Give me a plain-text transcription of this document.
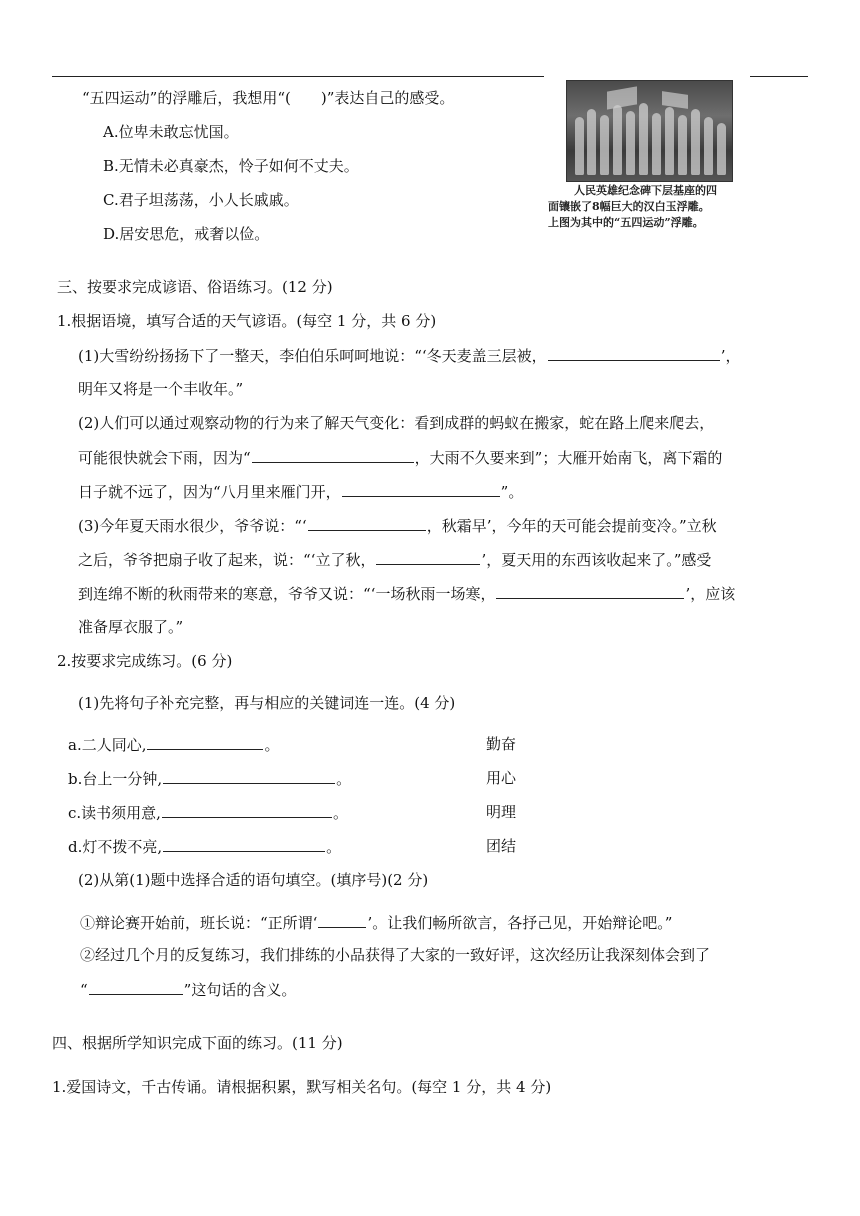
“五四运动”的浮雕后，我想用“(　　)”表达自己的感受。
A.位卑未敢忘忧国。
B.无情未必真豪杰，怜子如何不丈夫。
C.君子坦荡荡，小人长戚戚。
D.居安思危，戒奢以俭。
人民英雄纪念碑下层基座的四
面镶嵌了8幅巨大的汉白玉浮雕。
上图为其中的“五四运动”浮雕。
三、按要求完成谚语、俗语练习。(12 分)
1.根据语境，填写合适的天气谚语。(每空 1 分，共 6 分)
(1)大雪纷纷扬扬下了一整天，李伯伯乐呵呵地说：“‘冬天麦盖三层被，	’，
明年又将是一个丰收年。”
(2)人们可以通过观察动物的行为来了解天气变化：看到成群的蚂蚁在搬家，蛇在路上爬来爬去，
可能很快就会下雨，因为“	，大雨不久要来到”；大雁开始南飞，离下霜的
日子就不远了，因为“八月里来雁门开，	”。
(3)今年夏天雨水很少，爷爷说：“‘	，秋霜早’，今年的天可能会提前变冷。”立秋
之后，爷爷把扇子收了起来，说：“‘立了秋，	’，夏天用的东西该收起来了。”感受
到连绵不断的秋雨带来的寒意，爷爷又说：“‘一场秋雨一场寒，	’，应该
准备厚衣服了。”
2.按要求完成练习。(6 分)
(1)先将句子补充完整，再与相应的关键词连一连。(4 分)
a.二人同心,	。	勤奋
b.台上一分钟,	。	用心
c.读书须用意,	。	明理
d.灯不拨不亮,	。	团结
(2)从第(1)题中选择合适的语句填空。(填序号)(2 分)
①辩论赛开始前，班长说：“正所谓‘	’。让我们畅所欲言，各抒己见，开始辩论吧。”
②经过几个月的反复练习，我们排练的小品获得了大家的一致好评，这次经历让我深刻体会到了
“	”这句话的含义。
四、根据所学知识完成下面的练习。(11 分)
1.爱国诗文，千古传诵。请根据积累，默写相关名句。(每空 1 分，共 4 分)
